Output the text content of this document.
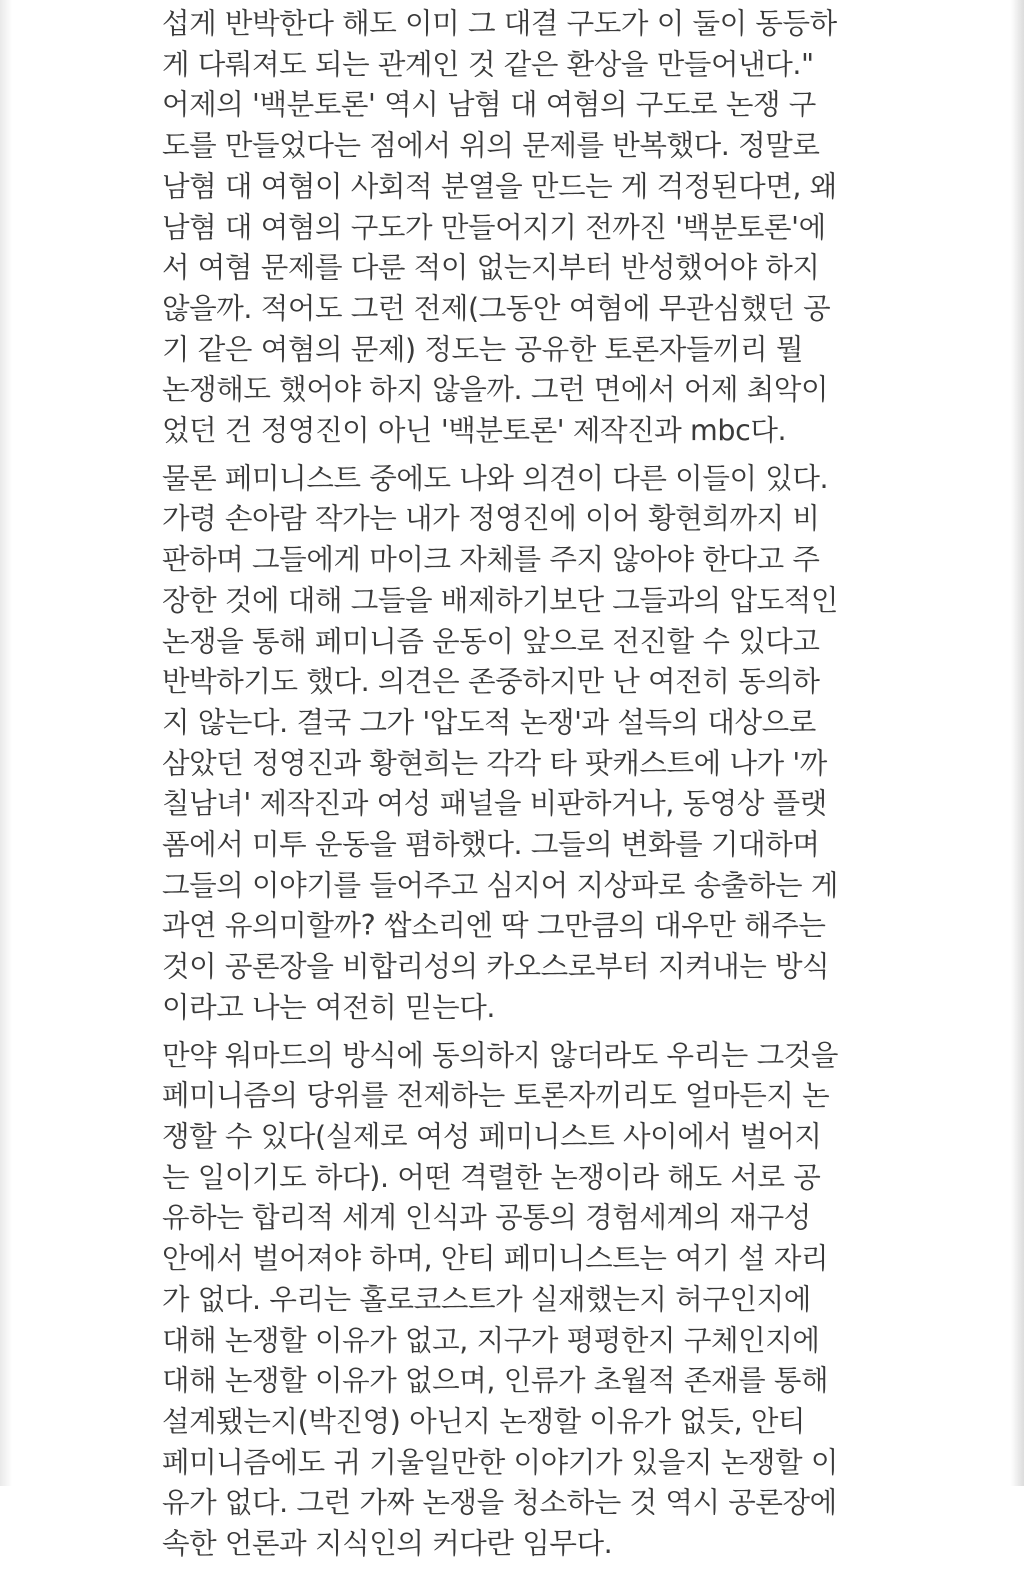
섭게 반박한다 해도 이미 그 대결 구도가 이 둘이 동등하
게 다뤄져도 되는 관계인 것 같은 환상을 만들어낸다."
어제의 '백분토론' 역시 남혐 대 여혐의 구도로 논쟁 구
도를 만들었다는 점에서 위의 문제를 반복했다. 정말로
남혐 대 여혐이 사회적 분열을 만드는 게 걱정된다면, 왜
남혐 대 여혐의 구도가 만들어지기 전까진 '백분토론'에
서 여혐 문제를 다룬 적이 없는지부터 반성했어야 하지
않을까. 적어도 그런 전제(그동안 여혐에 무관심했던 공
기 같은 여혐의 문제) 정도는 공유한 토론자들끼리 뭘
논쟁해도 했어야 하지 않을까. 그런 면에서 어제 최악이
었던 건 정영진이 아닌 '백분토론' 제작진과 mbc다.

물론 페미니스트 중에도 나와 의견이 다른 이들이 있다.
가령 손아람 작가는 내가 정영진에 이어 황현희까지 비
판하며 그들에게 마이크 자체를 주지 않아야 한다고 주
장한 것에 대해 그들을 배제하기보단 그들과의 압도적인
논쟁을 통해 페미니즘 운동이 앞으로 전진할 수 있다고
반박하기도 했다. 의견은 존중하지만 난 여전히 동의하
지 않는다. 결국 그가 '압도적 논쟁'과 설득의 대상으로
삼았던 정영진과 황현희는 각각 타 팟캐스트에 나가 '까
칠남녀' 제작진과 여성 패널을 비판하거나, 동영상 플랫
폼에서 미투 운동을 폄하했다. 그들의 변화를 기대하며
그들의 이야기를 들어주고 심지어 지상파로 송출하는 게
과연 유의미할까? 쌉소리엔 딱 그만큼의 대우만 해주는
것이 공론장을 비합리성의 카오스로부터 지켜내는 방식
이라고 나는 여전히 믿는다.

만약 워마드의 방식에 동의하지 않더라도 우리는 그것을
페미니즘의 당위를 전제하는 토론자끼리도 얼마든지 논
쟁할 수 있다(실제로 여성 페미니스트 사이에서 벌어지
는 일이기도 하다). 어떤 격렬한 논쟁이라 해도 서로 공
유하는 합리적 세계 인식과 공통의 경험세계의 재구성
안에서 벌어져야 하며, 안티 페미니스트는 여기 설 자리
가 없다. 우리는 홀로코스트가 실재했는지 허구인지에
대해 논쟁할 이유가 없고, 지구가 평평한지 구체인지에
대해 논쟁할 이유가 없으며, 인류가 초월적 존재를 통해
설계됐는지(박진영) 아닌지 논쟁할 이유가 없듯, 안티
페미니즘에도 귀 기울일만한 이야기가 있을지 논쟁할 이
유가 없다. 그런 가짜 논쟁을 청소하는 것 역시 공론장에
속한 언론과 지식인의 커다란 임무다.
